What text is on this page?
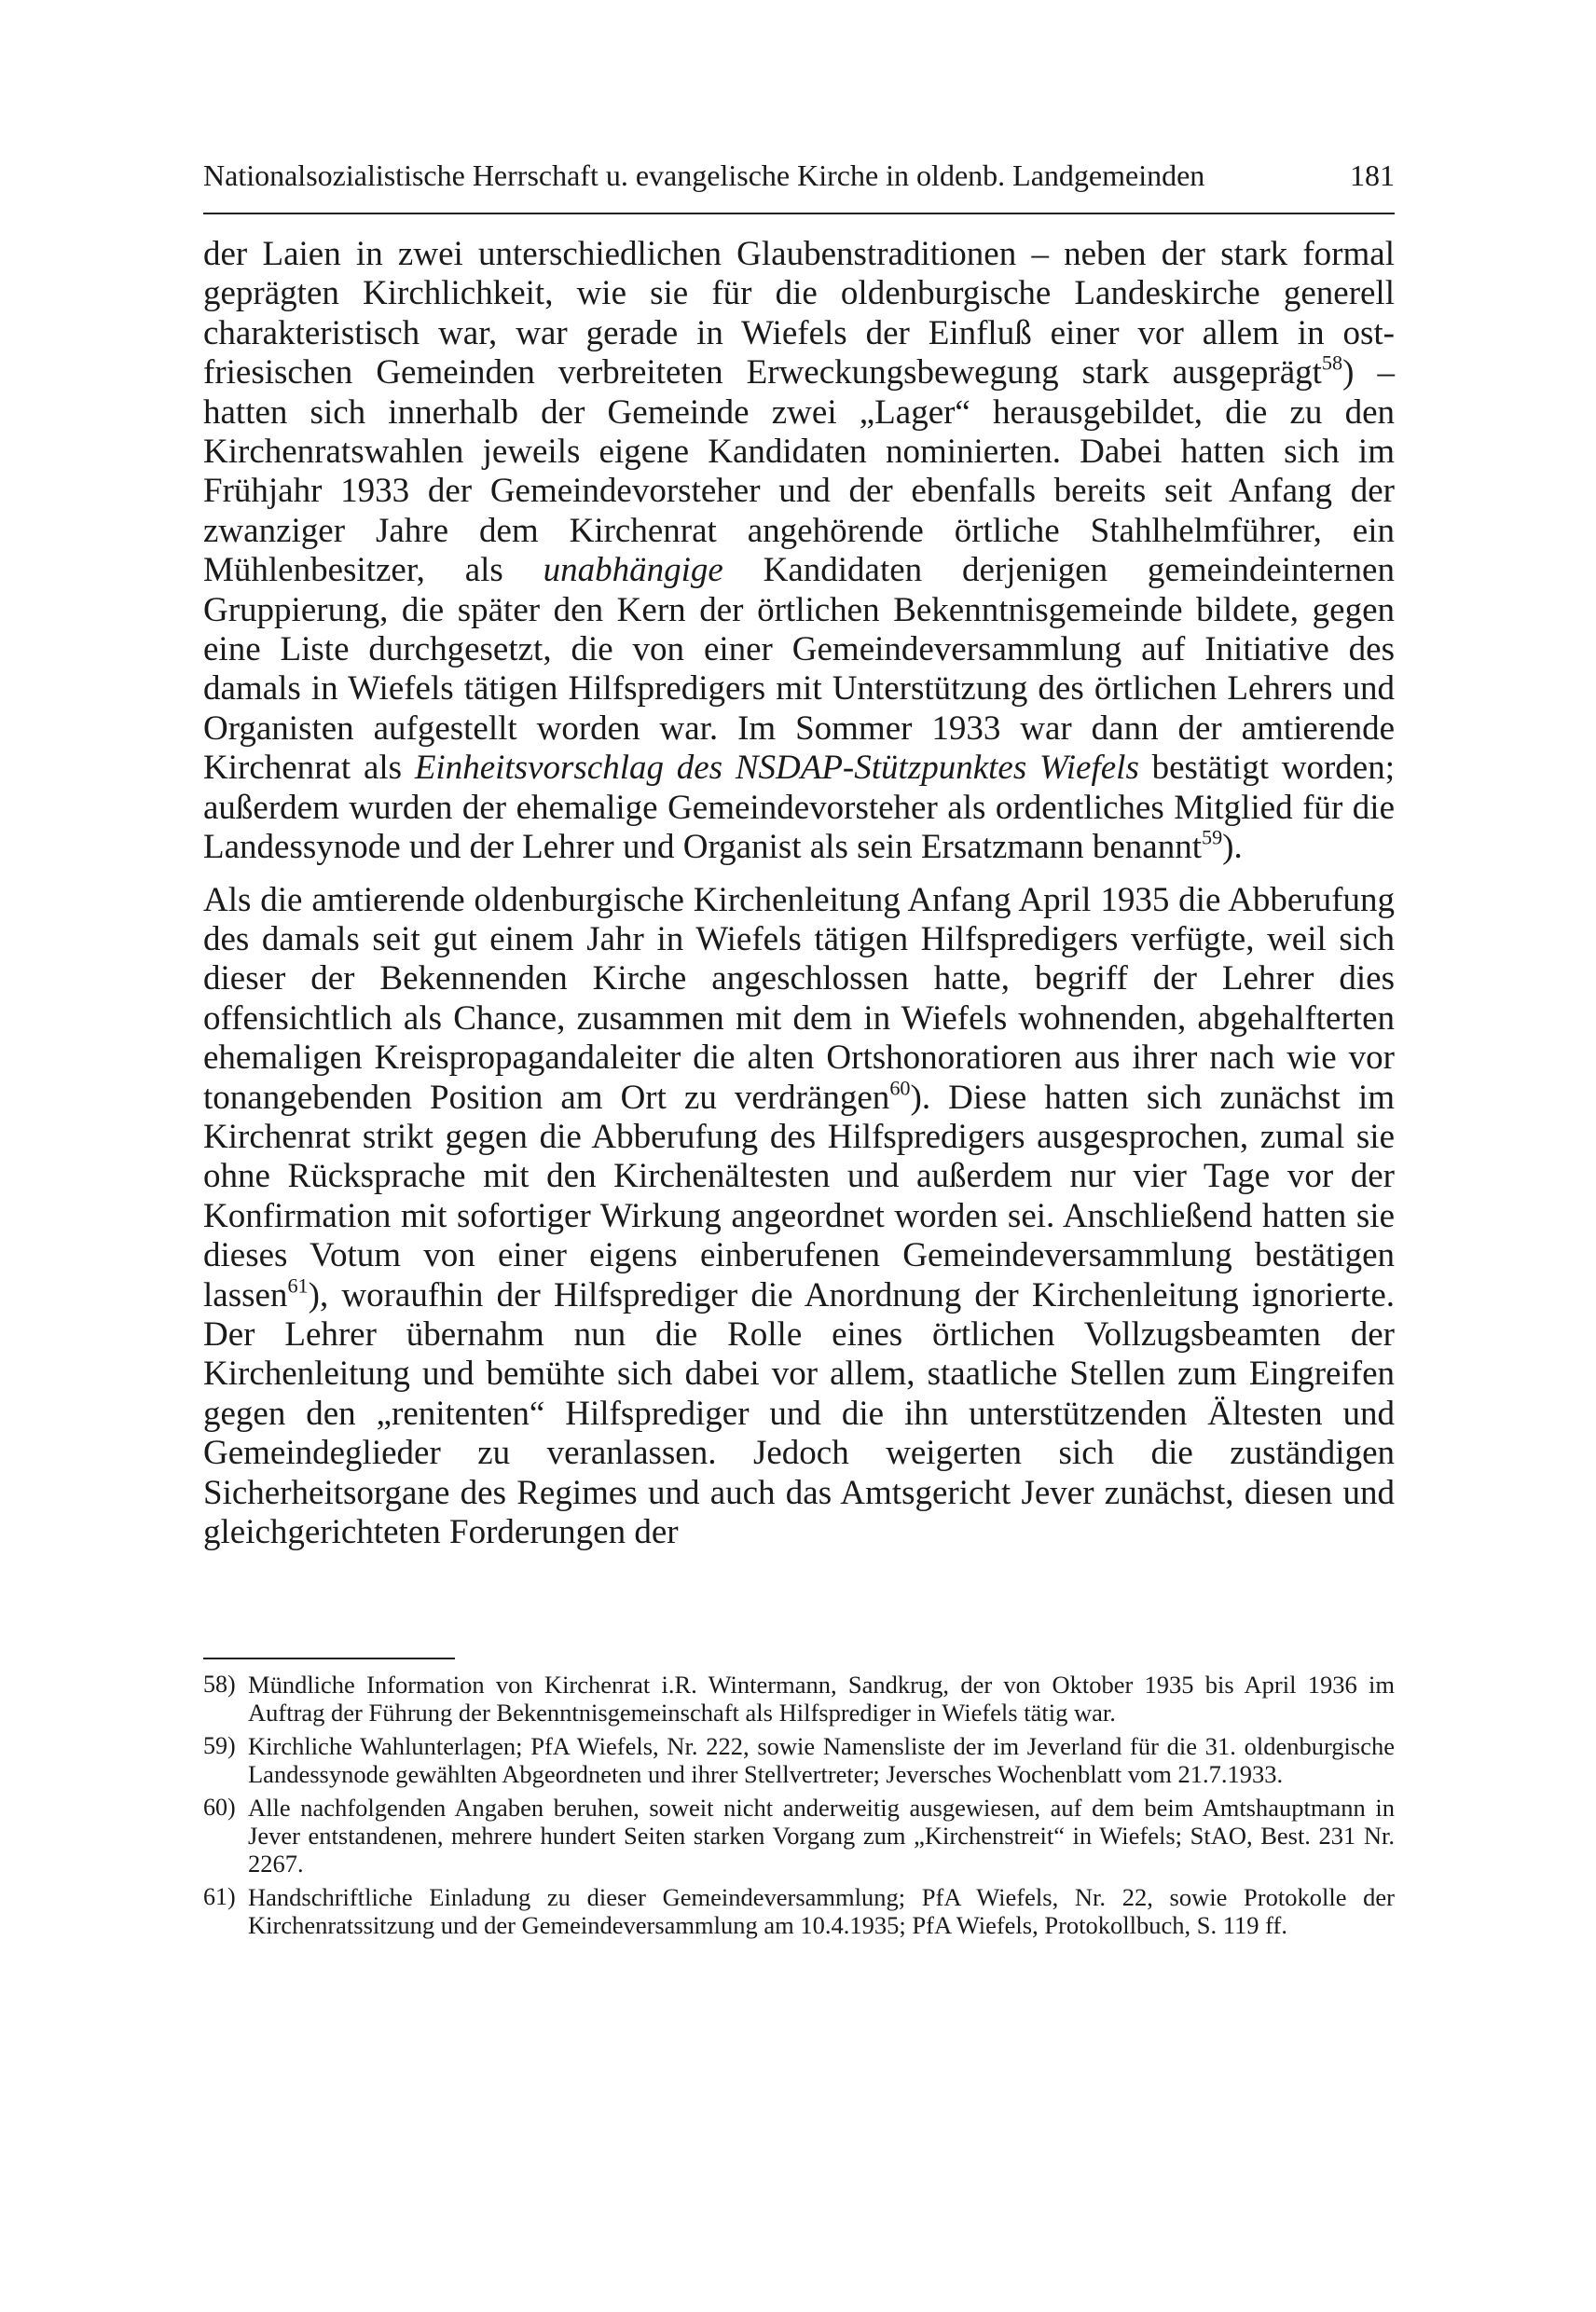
Nationalsozialistische Herrschaft u. evangelische Kirche in oldenb. Landgemeinden	181

der Laien in zwei unterschiedlichen Glaubenstraditionen – neben der stark formal geprägten Kirchlichkeit, wie sie für die oldenburgische Landeskirche generell charakteristisch war, war gerade in Wiefels der Einfluß einer vor allem in ostfriesischen Gemeinden verbreiteten Erweckungsbewegung stark ausgeprägt$^{58}$) – hatten sich innerhalb der Gemeinde zwei „Lager“ herausgebildet, die zu den Kirchenratswahlen jeweils eigene Kandidaten nominierten. Dabei hatten sich im Frühjahr 1933 der Gemeindevorsteher und der ebenfalls bereits seit Anfang der zwanziger Jahre dem Kirchenrat angehörende örtliche Stahlhelmführer, ein Mühlenbesitzer, als unabhängige Kandidaten derjenigen gemeindeinternen Gruppierung, die später den Kern der örtlichen Bekenntnisgemeinde bildete, gegen eine Liste durchgesetzt, die von einer Gemeindeversammlung auf Initiative des damals in Wiefels tätigen Hilfspredigers mit Unterstützung des örtlichen Lehrers und Organisten aufgestellt worden war. Im Sommer 1933 war dann der amtierende Kirchenrat als Einheitsvorschlag des NSDAP-Stützpunktes Wiefels bestätigt worden; außerdem wurden der ehemalige Gemeindevorsteher als ordentliches Mitglied für die Landessynode und der Lehrer und Organist als sein Ersatzmann benannt$^{59}$).

Als die amtierende oldenburgische Kirchenleitung Anfang April 1935 die Abberufung des damals seit gut einem Jahr in Wiefels tätigen Hilfspredigers verfügte, weil sich dieser der Bekennenden Kirche angeschlossen hatte, begriff der Lehrer dies offensichtlich als Chance, zusammen mit dem in Wiefels wohnenden, abgehalfterten ehemaligen Kreispropagandaleiter die alten Ortshonoratioren aus ihrer nach wie vor tonangebenden Position am Ort zu verdrängen$^{60}$). Diese hatten sich zunächst im Kirchenrat strikt gegen die Abberufung des Hilfspredigers ausgesprochen, zumal sie ohne Rücksprache mit den Kirchenältesten und außerdem nur vier Tage vor der Konfirmation mit sofortiger Wirkung angeordnet worden sei. Anschließend hatten sie dieses Votum von einer eigens einberufenen Gemeindeversammlung bestätigen lassen$^{61}$), woraufhin der Hilfsprediger die Anordnung der Kirchenleitung ignorierte. Der Lehrer übernahm nun die Rolle eines örtlichen Vollzugsbeamten der Kirchenleitung und bemühte sich dabei vor allem, staatliche Stellen zum Eingreifen gegen den „renitenten“ Hilfsprediger und die ihn unterstützenden Ältesten und Gemeindeglieder zu veranlassen. Jedoch weigerten sich die zuständigen Sicherheitsorgane des Regimes und auch das Amtsgericht Jever zunächst, diesen und gleichgerichteten Forderungen der

58) Mündliche Information von Kirchenrat i.R. Wintermann, Sandkrug, der von Oktober 1935 bis April 1936 im Auftrag der Führung der Bekenntnisgemeinschaft als Hilfsprediger in Wiefels tätig war.
59) Kirchliche Wahlunterlagen; PfA Wiefels, Nr. 222, sowie Namensliste der im Jeverland für die 31. oldenburgische Landessynode gewählten Abgeordneten und ihrer Stellvertreter; Jeversches Wochenblatt vom 21.7.1933.
60) Alle nachfolgenden Angaben beruhen, soweit nicht anderweitig ausgewiesen, auf dem beim Amtshauptmann in Jever entstandenen, mehrere hundert Seiten starken Vorgang zum „Kirchenstreit“ in Wiefels; StAO, Best. 231 Nr. 2267.
61) Handschriftliche Einladung zu dieser Gemeindeversammlung; PfA Wiefels, Nr. 22, sowie Protokolle der Kirchenratssitzung und der Gemeindeversammlung am 10.4.1935; PfA Wiefels, Protokollbuch, S. 119 ff.
